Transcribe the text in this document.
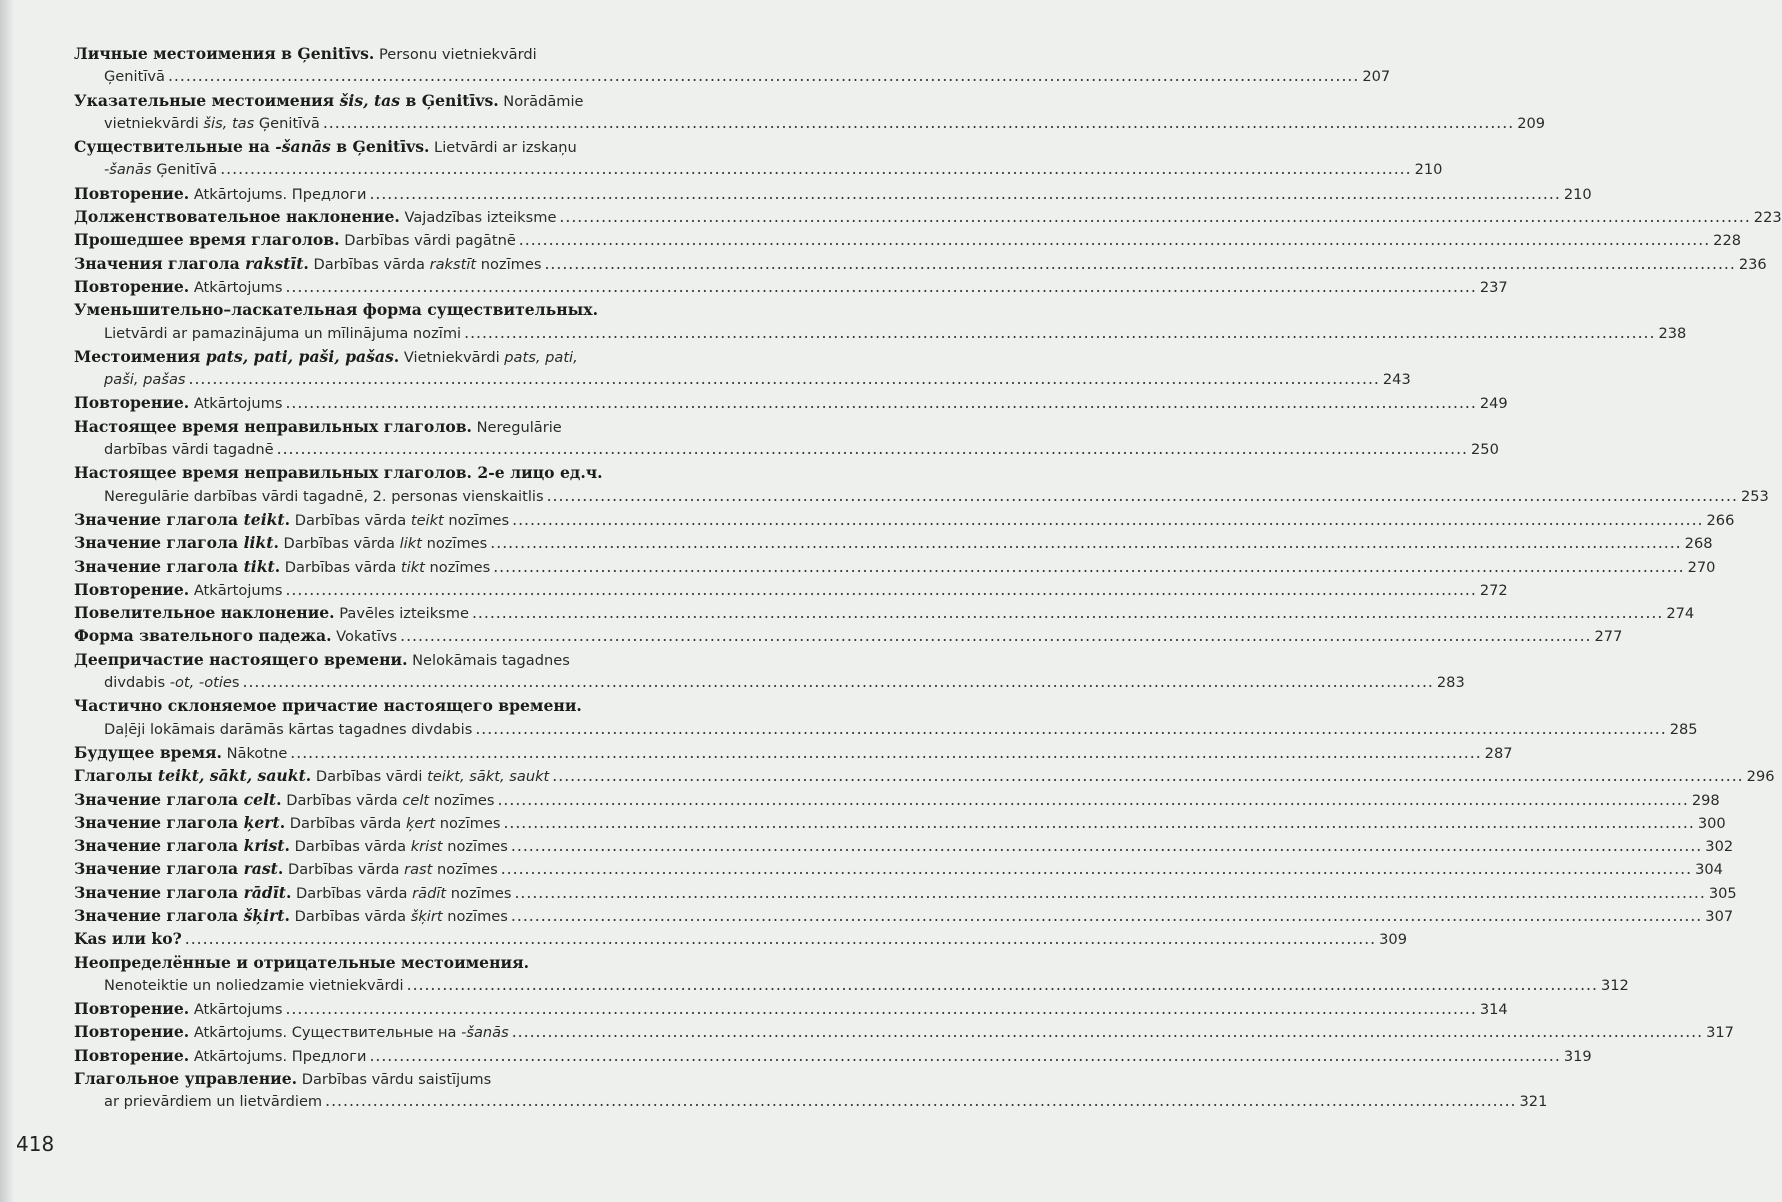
Личные местоимения в Ģenitīvs. Personu vietniekvārdi
Ģenitīvā .....	207
Указательные местоимения šis, tas в Ģenitīvs. Norādāmie
vietniekvārdi šis, tas Ģenitīvā .....	209
Существительные на -šanās в Ģenitīvs. Lietvārdi ar izskaņu
-šanās Ģenitīvā .....	210
Повторение. Atkārtojums. Предлоги .....	210
Долженствовательное наклонение. Vajadzības izteiksme .....	223
Прошедшее время глаголов. Darbības vārdi pagātnē .....	228
Значения глагола rakstīt. Darbības vārda rakstīt nozīmes .....	236
Повторение. Atkārtojums .....	237
Уменьшительно–ласкательная форма существительных.
Lietvārdi ar pamazinājuma un mīlinājuma nozīmi .....	238
Местоимения pats, pati, paši, pašas. Vietniekvārdi pats, pati,
paši, pašas .....	243
Повторение. Atkārtojums .....	249
Настоящее время неправильных глаголов. Neregulārie
darbības vārdi tagadnē .....	250
Настоящее время неправильных глаголов. 2-е лицо ед.ч.
Neregulārie darbības vārdi tagadnē, 2. personas vienskaitlis .....	253
Значение глагола teikt. Darbības vārda teikt nozīmes .....	266
Значение глагола likt. Darbības vārda likt nozīmes .....	268
Значение глагола tikt. Darbības vārda tikt nozīmes .....	270
Повторение. Atkārtojums .....	272
Повелительное наклонение. Pavēles izteiksme .....	274
Форма звательного падежа. Vokatīvs .....	277
Деепричастие настоящего времени. Nelokāmais tagadnes
divdabis -ot, -oties .....	283
Частично склоняемое причастие настоящего времени.
Daļēji lokāmais darāmās kārtas tagadnes divdabis .....	285
Будущее время. Nākotne .....	287
Глаголы teikt, sākt, saukt. Darbības vārdi teikt, sākt, saukt .....	296
Значение глагола celt. Darbības vārda celt nozīmes .....	298
Значение глагола ķert. Darbības vārda ķert nozīmes .....	300
Значение глагола krist. Darbības vārda krist nozīmes .....	302
Значение глагола rast. Darbības vārda rast nozīmes .....	304
Значение глагола rādīt. Darbības vārda rādīt nozīmes .....	305
Значение глагола šķirt. Darbības vārda šķirt nozīmes .....	307
Kas или ko? .....	309
Неопределённые и отрицательные местоимения.
Nenoteiktie un noliedzamie vietniekvārdi .....	312
Повторение. Atkārtojums .....	314
Повторение. Atkārtojums. Существительные на -šanās .....	317
Повторение. Atkārtojums. Предлоги .....	319
Глагольное управление. Darbības vārdu saistījums
ar prievārdiem un lietvārdiem .....	321
418
